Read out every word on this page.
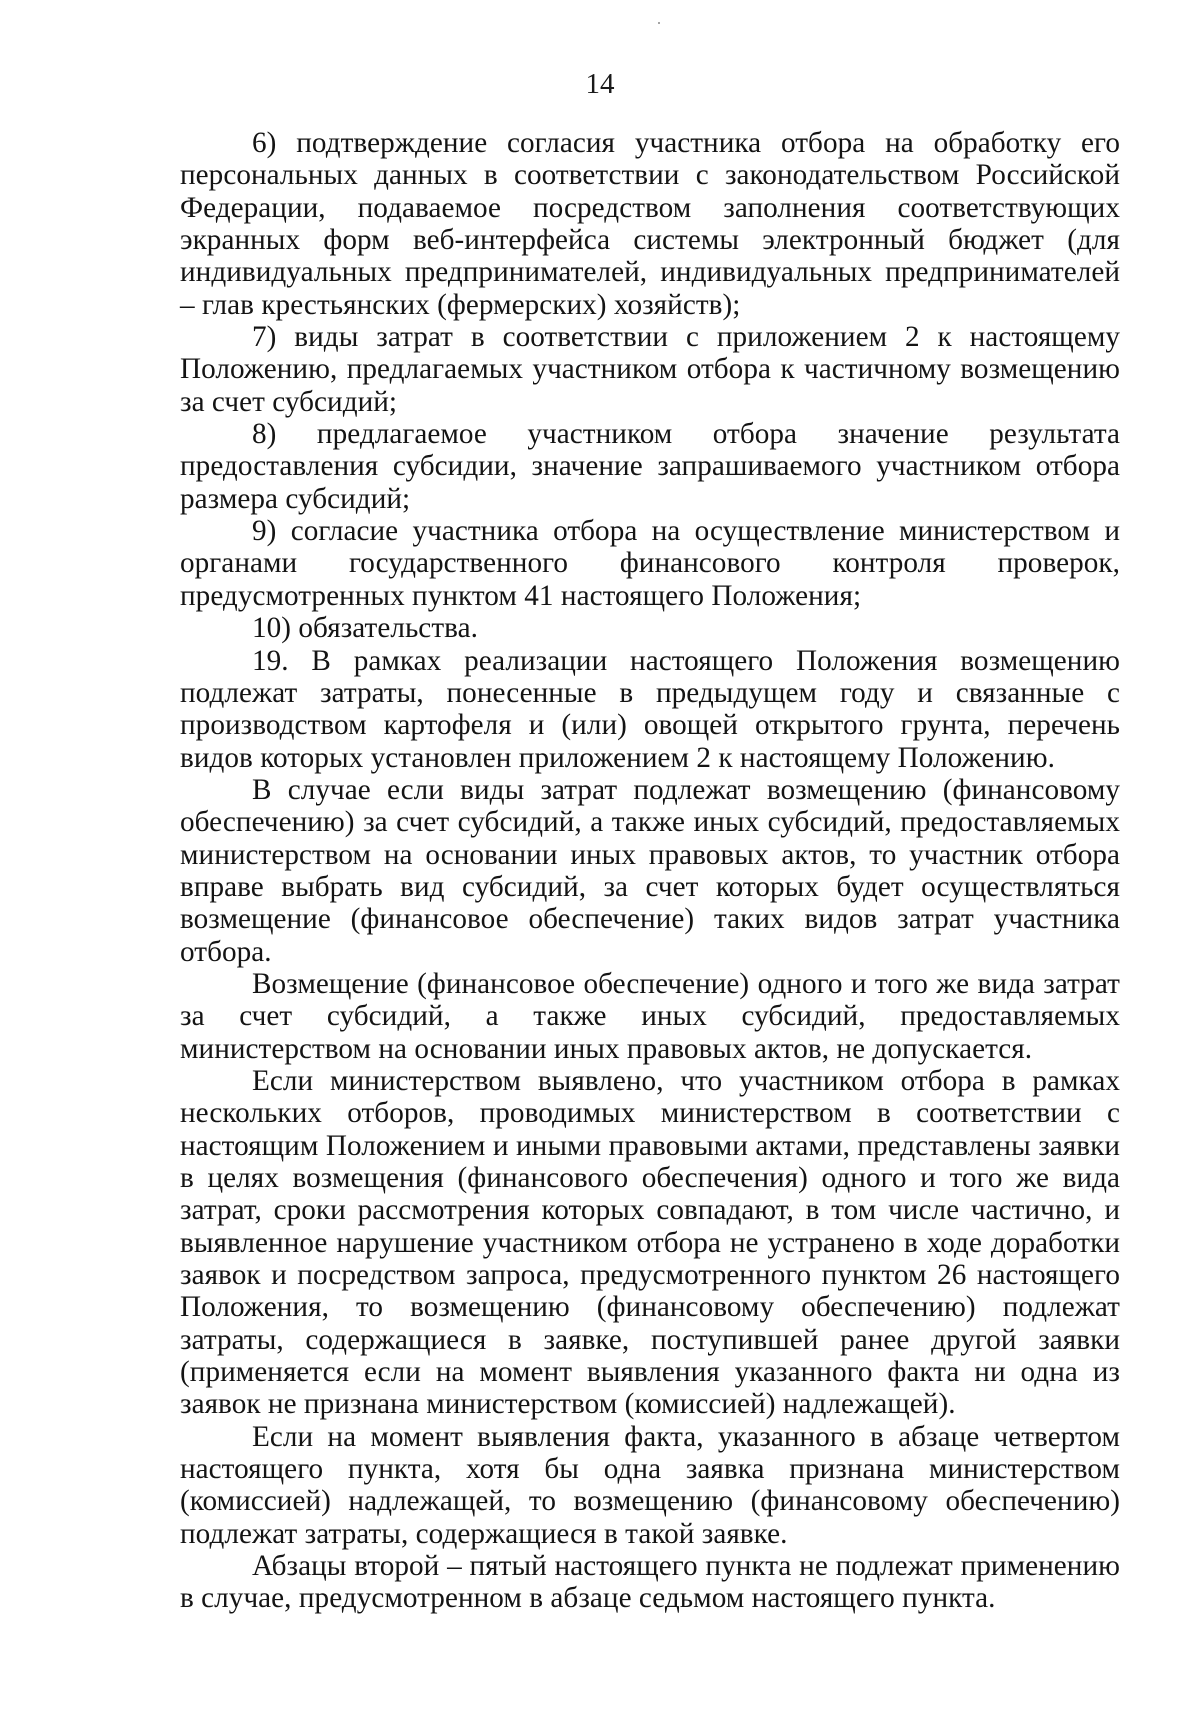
14

6) подтверждение согласия участника отбора на обработку его персональных данных в соответствии с законодательством Российской Федерации, подаваемое посредством заполнения соответствующих экранных форм веб-интерфейса системы электронный бюджет (для индивидуальных предпринимателей, индивидуальных предпринимателей – глав крестьянских (фермерских) хозяйств);

7) виды затрат в соответствии с приложением 2 к настоящему Положению, предлагаемых участником отбора к частичному возмещению за счет субсидий;

8) предлагаемое участником отбора значение результата предоставления субсидии, значение запрашиваемого участником отбора размера субсидий;

9) согласие участника отбора на осуществление министерством и органами государственного финансового контроля проверок, предусмотренных пунктом 41 настоящего Положения;

10) обязательства.

19. В рамках реализации настоящего Положения возмещению подлежат затраты, понесенные в предыдущем году и связанные с производством картофеля и (или) овощей открытого грунта, перечень видов которых установлен приложением 2 к настоящему Положению.

В случае если виды затрат подлежат возмещению (финансовому обеспечению) за счет субсидий, а также иных субсидий, предоставляемых министерством на основании иных правовых актов, то участник отбора вправе выбрать вид субсидий, за счет которых будет осуществляться возмещение (финансовое обеспечение) таких видов затрат участника отбора.

Возмещение (финансовое обеспечение) одного и того же вида затрат за счет субсидий, а также иных субсидий, предоставляемых министерством на основании иных правовых актов, не допускается.

Если министерством выявлено, что участником отбора в рамках нескольких отборов, проводимых министерством в соответствии с настоящим Положением и иными правовыми актами, представлены заявки в целях возмещения (финансового обеспечения) одного и того же вида затрат, сроки рассмотрения которых совпадают, в том числе частично, и выявленное нарушение участником отбора не устранено в ходе доработки заявок и посредством запроса, предусмотренного пунктом 26 настоящего Положения, то возмещению (финансовому обеспечению) подлежат затраты, содержащиеся в заявке, поступившей ранее другой заявки (применяется если на момент выявления указанного факта ни одна из заявок не признана министерством (комиссией) надлежащей).

Если на момент выявления факта, указанного в абзаце четвертом настоящего пункта, хотя бы одна заявка признана министерством (комиссией) надлежащей, то возмещению (финансовому обеспечению) подлежат затраты, содержащиеся в такой заявке.

Абзацы второй – пятый настоящего пункта не подлежат применению в случае, предусмотренном в абзаце седьмом настоящего пункта.
